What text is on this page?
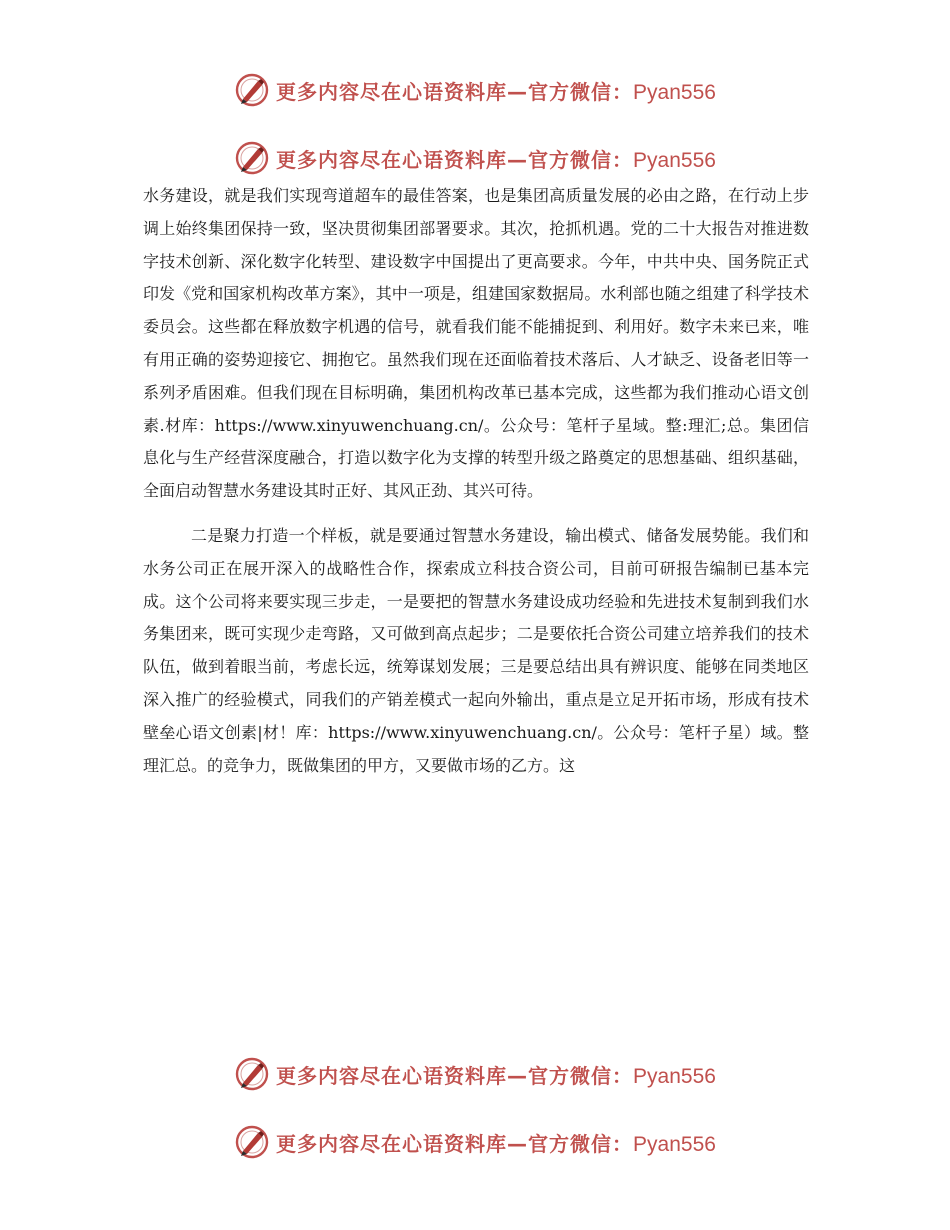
更多内容尽在心语资料库—官方微信：Pyan556
更多内容尽在心语资料库—官方微信：Pyan556

水务建设，就是我们实现弯道超车的最佳答案，也是集团高质量发展的必由之路，在行动上步调上始终集团保持一致，坚决贯彻集团部署要求。其次，抢抓机遇。党的二十大报告对推进数字技术创新、深化数字化转型、建设数字中国提出了更高要求。今年，中共中央、国务院正式印发《党和国家机构改革方案》，其中一项是，组建国家数据局。水利部也随之组建了科学技术委员会。这些都在释放数字机遇的信号，就看我们能不能捕捉到、利用好。数字未来已来，唯有用正确的姿势迎接它、拥抱它。虽然我们现在还面临着技术落后、人才缺乏、设备老旧等一系列矛盾困难。但我们现在目标明确，集团机构改革已基本完成，这些都为我们推动心语文创素.材库：https://www.xinyuwenchuang.cn/。公众号：笔杆子星域。整:理汇;总。集团信息化与生产经营深度融合，打造以数字化为支撑的转型升级之路奠定的思想基础、组织基础，全面启动智慧水务建设其时正好、其风正劲、其兴可待。

二是聚力打造一个样板，就是要通过智慧水务建设，输出模式、储备发展势能。我们和水务公司正在展开深入的战略性合作，探索成立科技合资公司，目前可研报告编制已基本完成。这个公司将来要实现三步走，一是要把的智慧水务建设成功经验和先进技术复制到我们水务集团来，既可实现少走弯路，又可做到高点起步；二是要依托合资公司建立培养我们的技术队伍，做到着眼当前，考虑长远，统筹谋划发展；三是要总结出具有辨识度、能够在同类地区深入推广的经验模式，同我们的产销差模式一起向外输出，重点是立足开拓市场，形成有技术壁垒心语文创素|材！库：https://www.xinyuwenchuang.cn/。公众号：笔杆子星）域。整理汇总。的竞争力，既做集团的甲方，又要做市场的乙方。这

更多内容尽在心语资料库—官方微信：Pyan556
更多内容尽在心语资料库—官方微信：Pyan556
